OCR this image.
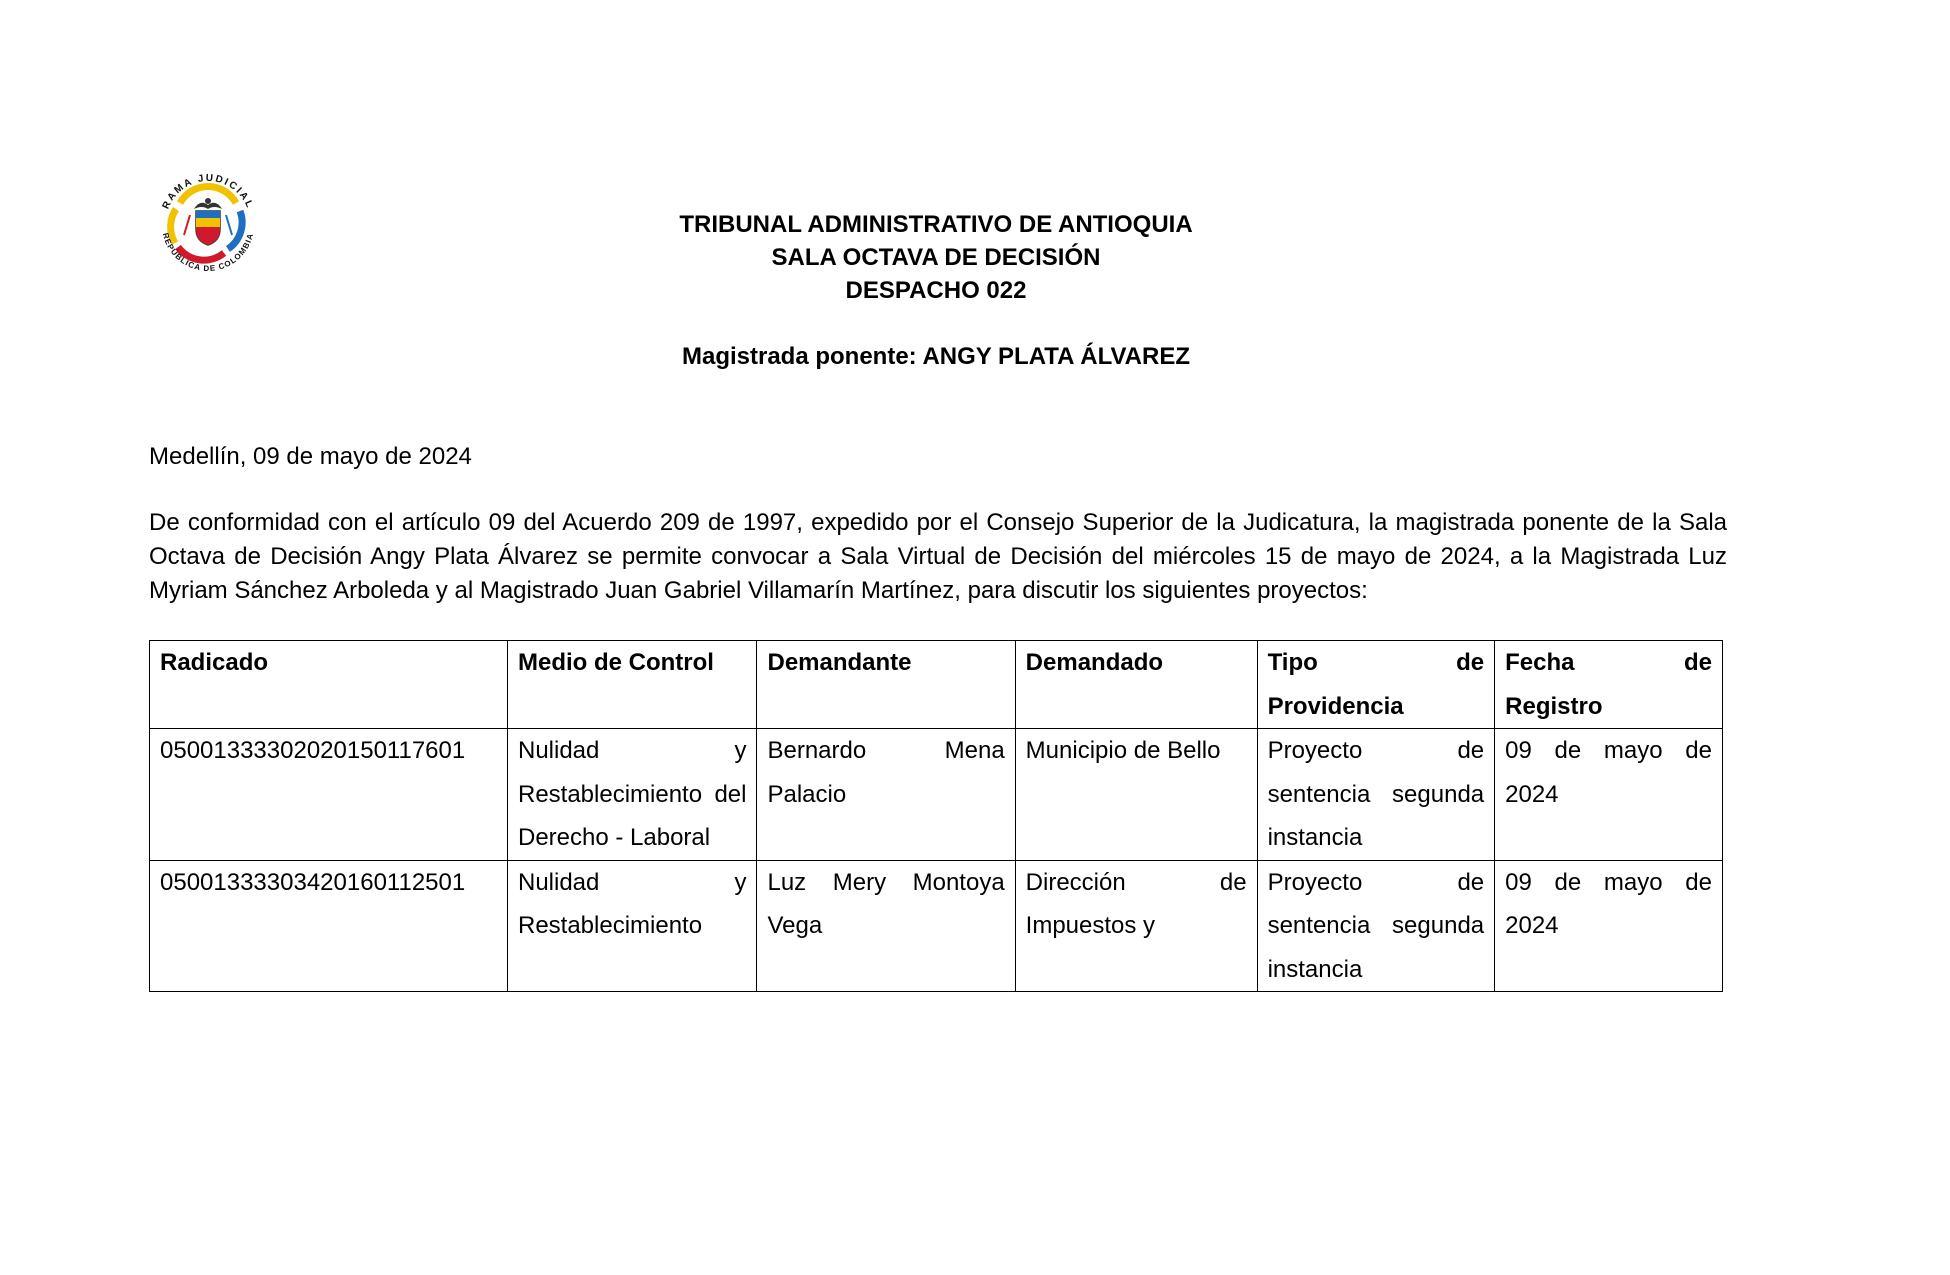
RAMA JUDICIAL
REPÚBLICA DE COLOMBIA	TRIBUNAL ADMINISTRATIVO DE ANTIOQUIA
SALA OCTAVA DE DECISIÓN
DESPACHO 022
Magistrada ponente: ANGY PLATA ÁLVAREZ
Medellín, 09 de mayo de 2024
De conformidad con el artículo 09 del Acuerdo 209 de 1997, expedido por el Consejo Superior de la Judicatura, la magistrada ponente de la Sala Octava de Decisión Angy Plata Álvarez se permite convocar a Sala Virtual de Decisión del miércoles 15 de mayo de 2024, a la Magistrada Luz Myriam Sánchez Arboleda y al Magistrado Juan Gabriel Villamarín Martínez, para discutir los siguientes proyectos:
Radicado	Medio de Control	Demandante	Demandado	Tipo de Providencia	Fecha de Registro
05001333302020150117601	Nulidad y Restablecimiento del Derecho - Laboral	Bernardo Mena Palacio	Municipio de Bello	Proyecto de sentencia segunda instancia	09 de mayo de 2024
05001333303420160112501	Nulidad y Restablecimiento	Luz Mery Montoya Vega	Dirección de Impuestos y	Proyecto de sentencia segunda instancia	09 de mayo de 2024
